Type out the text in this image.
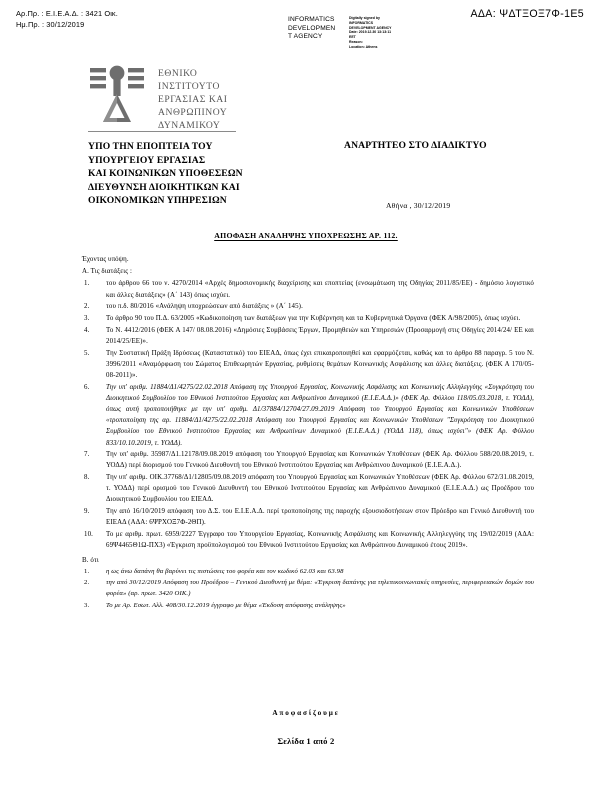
Αρ.Πρ. : Ε.Ι.Ε.Α.Δ. : 3421 Οικ.
Ημ.Πρ. : 30/12/2019
INFORMATICS
DEVELOPMEN
T AGENCY
Digitally signed by
INFORMATICS
DEVELOPMENT AGENCY
Date: 2019.12.30 13:13:11
EET
Reason:
Location: Athens
ΑΔΑ: ΨΔΤΞΟΞ7Φ-1Ε5
ΕΘΝΙΚΟ
ΙΝΣΤΙΤΟΥΤΟ
ΕΡΓΑΣΙΑΣ ΚΑΙ
ΑΝΘΡΩΠΙΝΟΥ
ΔΥΝΑΜΙΚΟΥ
ΥΠΟ ΤΗΝ ΕΠΟΠΤΕΙΑ ΤΟΥ
ΥΠΟΥΡΓΕΙΟΥ ΕΡΓΑΣΙΑΣ
ΚΑΙ ΚΟΙΝΩΝΙΚΩΝ ΥΠΟΘΕΣΕΩΝ
ΔΙΕΥΘΥΝΣΗ ΔΙΟΙΚΗΤΙΚΩΝ ΚΑΙ
ΟΙΚΟΝΟΜΙΚΩΝ ΥΠΗΡΕΣΙΩΝ
ΑΝΑΡΤΗΤΕΟ ΣΤΟ ΔΙΑΔΙΚΤΥΟ
Αθήνα , 30/12/2019
ΑΠΟΦΑΣΗ ΑΝΑΛΗΨΗΣ ΥΠΟΧΡΕΩΣΗΣ ΑΡ. 112.

Έχοντας υπόψη.

Α. Τις διατάξεις :

1.	του άρθρου 66 του ν. 4270/2014 «Αρχές δημοσιονομικής διαχείρισης και εποπτείας (ενσωμάτωση της Οδηγίας 2011/85/ΕΕ) - δημόσιο λογιστικό και άλλες διατάξεις» (Α΄ 143) όπως ισχύει.
2.	του π.δ. 80/2016 «Ανάληψη υποχρεώσεων από διατάξεις » (Α΄ 145).
3.	Το άρθρο 90 του Π.Δ. 63/2005 «Κωδικοποίηση των διατάξεων για την Κυβέρνηση και τα Κυβερνητικά Όργανα (ΦΕΚ Α/98/2005), όπως ισχύει.
4.	Το Ν. 4412/2016 (ΦΕΚ Α 147/ 08.08.2016) «Δημόσιες Συμβάσεις Έργων, Προμηθειών και Υπηρεσιών (Προσαρμογή στις Οδηγίες 2014/24/ ΕΕ και 2014/25/ΕΕ)».
5.	Την Συστατική Πράξη Ιδρύσεως (Καταστατικό) του ΕΙΕΑΔ, όπως έχει επικαιροποιηθεί και εφαρμόζεται, καθώς και το άρθρο 88 παραγρ. 5 του Ν. 3996/2011 «Αναμόρφωση του Σώματος Επιθεωρητών Εργασίας, ρυθμίσεις θεμάτων Κοινωνικής Ασφάλισης και άλλες διατάξεις. (ΦΕΚ Α 170/05-08-2011)».
6.	Την υπ' αριθμ. 11884/Δ1/4275/22.02.2018 Απόφαση της Υπουργού Εργασίας, Κοινωνικής Ασφάλισης και Κοινωνικής Αλληλεγγύης «Συγκρότηση του Διοικητικού Συμβουλίου του Εθνικού Ινστιτούτου Εργασίας και Ανθρωπίνου Δυναμικού (Ε.Ι.Ε.Α.Δ.)» (ΦΕΚ Αρ. Φύλλου 118/05.03.2018, τ. ΥΟΔΔ), όπως αυτή τροποποιήθηκε με την υπ' αριθμ. Δ1/37884/12704/27.09.2019 Απόφαση του Υπουργού Εργασίας και Κοινωνικών Υποθέσεων «τροποποίηση της αρ. 11884/Δ1/4275/22.02.2018 Απόφαση του Υπουργού Εργασίας και Κοινωνικών Υποθέσεων "Συγκρότηση του Διοικητικού Συμβουλίου του Εθνικού Ινστιτούτου Εργασίας και Ανθρωπίνων Δυναμικού (Ε.Ι.Ε.Α.Δ.) (ΥΟΔΔ 118), όπως ισχύει"» (ΦΕΚ Αρ. Φύλλου 833/10.10.2019, τ. ΥΟΔΔ).
7.	Την υπ' αριθμ. 35987/Δ1.12178/09.08.2019 απόφαση του Υπουργού Εργασίας και Κοινωνικών Υποθέσεων (ΦΕΚ Αρ. Φύλλου 588/20.08.2019, τ. ΥΟΔΔ) περί διορισμού του Γενικού Διευθυντή του Εθνικού Ινστιτούτου Εργασίας και Ανθρώπινου Δυναμικού (Ε.Ι.Ε.Α.Δ.).
8.	Την υπ' αριθμ. ΟΙΚ.37768/Δ1/12805/09.08.2019 απόφαση του Υπουργού Εργασίας και Κοινωνικών Υποθέσεων (ΦΕΚ Αρ. Φύλλου 672/31.08.2019, τ. ΥΟΔΔ) περί ορισμού του Γενικού Διευθυντή του Εθνικού Ινστιτούτου Εργασίας και Ανθρώπινου Δυναμικού (Ε.Ι.Ε.Α.Δ.) ως Προέδρου του Διοικητικού Συμβουλίου του ΕΙΕΑΔ.
9.	Την από 16/10/2019 απόφαση του Δ.Σ. του Ε.Ι.Ε.Α.Δ. περί τροποποίησης της παροχής εξουσιοδοτήσεων στον Πρόεδρο και Γενικό Διευθυντή του ΕΙΕΑΔ (ΑΔΑ: 6ΨΡΧΟΞ7Φ-2ΘΠ).
10.	Το με αριθμ. πρωτ. 6959/2227 Έγγραφο του Υπουργείου Εργασίας, Κοινωνικής Ασφάλισης και Κοινωνικής Αλληλεγγύης της 19/02/2019 (ΑΔΑ: 69Ψ4465Θ1Ω-ΠΧ3) «Έγκριση προϋπολογισμού του Εθνικού Ινστιτούτου Εργασίας και Ανθρώπινου Δυναμικού έτους 2019».

Β. ότι

1.	η ως άνω δαπάνη θα βαρύνει τις πιστώσεις του φορέα και τον κωδικό 62.03 και 63.98
2.	την από 30/12/2019 Απόφαση του Προέδρου – Γενικού Διευθυντή με θέμα: «Έγκριση δαπάνης για τηλεπικοινωνιακές υπηρεσίες, περιφερειακών δομών του φορέα» (αρ. πρωτ. 3420 ΟΙΚ.)
3.	Το με Αρ. Εσωτ. Αλλ. 408/30.12.2019 έγγραφο με θέμα «Έκδοση απόφασης ανάληψης»
Αποφασίζουμε
Σελίδα 1 από 2
